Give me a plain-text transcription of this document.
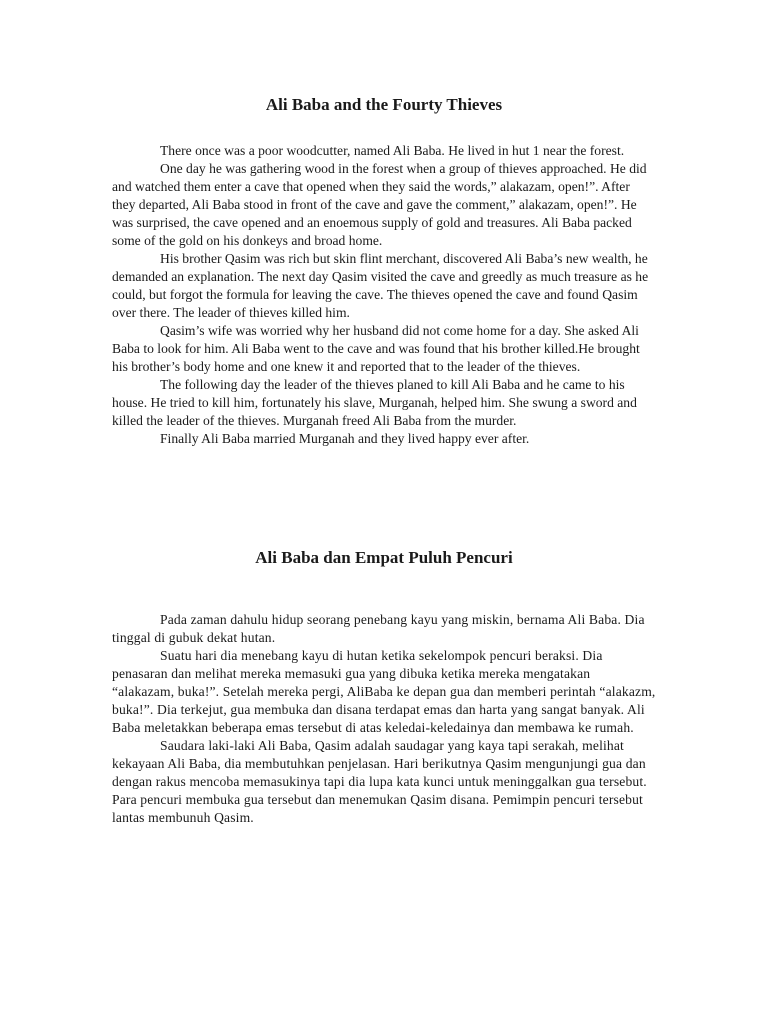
Ali Baba and the Fourty Thieves

There once was a poor woodcutter, named Ali Baba. He lived in hut 1 near the forest.

One day he was gathering wood in the forest when a group of thieves approached. He did and watched them enter a cave that opened when they said the words,” alakazam, open!”. After they departed, Ali Baba stood in front of the cave and gave the comment,” alakazam, open!”. He was surprised, the cave opened and an enoemous supply of gold and treasures. Ali Baba packed some of the gold on his donkeys and broad home.

His brother Qasim was rich but skin flint merchant, discovered Ali Baba’s new wealth, he demanded an explanation. The next day Qasim visited the cave and greedly as much treasure as he could, but forgot the formula for leaving the cave. The thieves opened the cave and found Qasim over there. The leader of thieves killed him.

Qasim’s wife was worried why her husband did not come home for a day. She asked Ali Baba to look for him. Ali Baba went to the cave and was found that his brother killed.He brought his brother’s body home and one knew it and reported that to the leader of the thieves.

The following day the leader of the thieves planed to kill Ali Baba and he came to his house. He tried to kill him, fortunately his slave, Murganah, helped him. She swung a sword and killed the leader of the thieves. Murganah freed Ali Baba from the murder.

Finally Ali Baba married Murganah and they lived happy ever after.

Ali Baba dan Empat Puluh Pencuri

Pada zaman dahulu hidup seorang penebang kayu yang miskin, bernama Ali Baba. Dia tinggal di gubuk dekat hutan.

Suatu hari dia menebang kayu di hutan ketika sekelompok pencuri beraksi. Dia penasaran dan melihat mereka memasuki gua yang dibuka ketika mereka mengatakan “alakazam, buka!”. Setelah mereka pergi, AliBaba ke depan gua dan memberi perintah “alakazm, buka!”. Dia terkejut, gua membuka dan disana terdapat emas dan harta yang sangat banyak. Ali Baba meletakkan beberapa emas tersebut di atas keledai-keledainya dan membawa ke rumah.

Saudara laki-laki Ali Baba, Qasim adalah saudagar yang kaya tapi serakah, melihat kekayaan Ali Baba, dia membutuhkan penjelasan. Hari berikutnya Qasim mengunjungi gua dan dengan rakus mencoba memasukinya tapi dia lupa kata kunci untuk meninggalkan gua tersebut. Para pencuri membuka gua tersebut dan menemukan Qasim disana. Pemimpin pencuri tersebut lantas membunuh Qasim.
